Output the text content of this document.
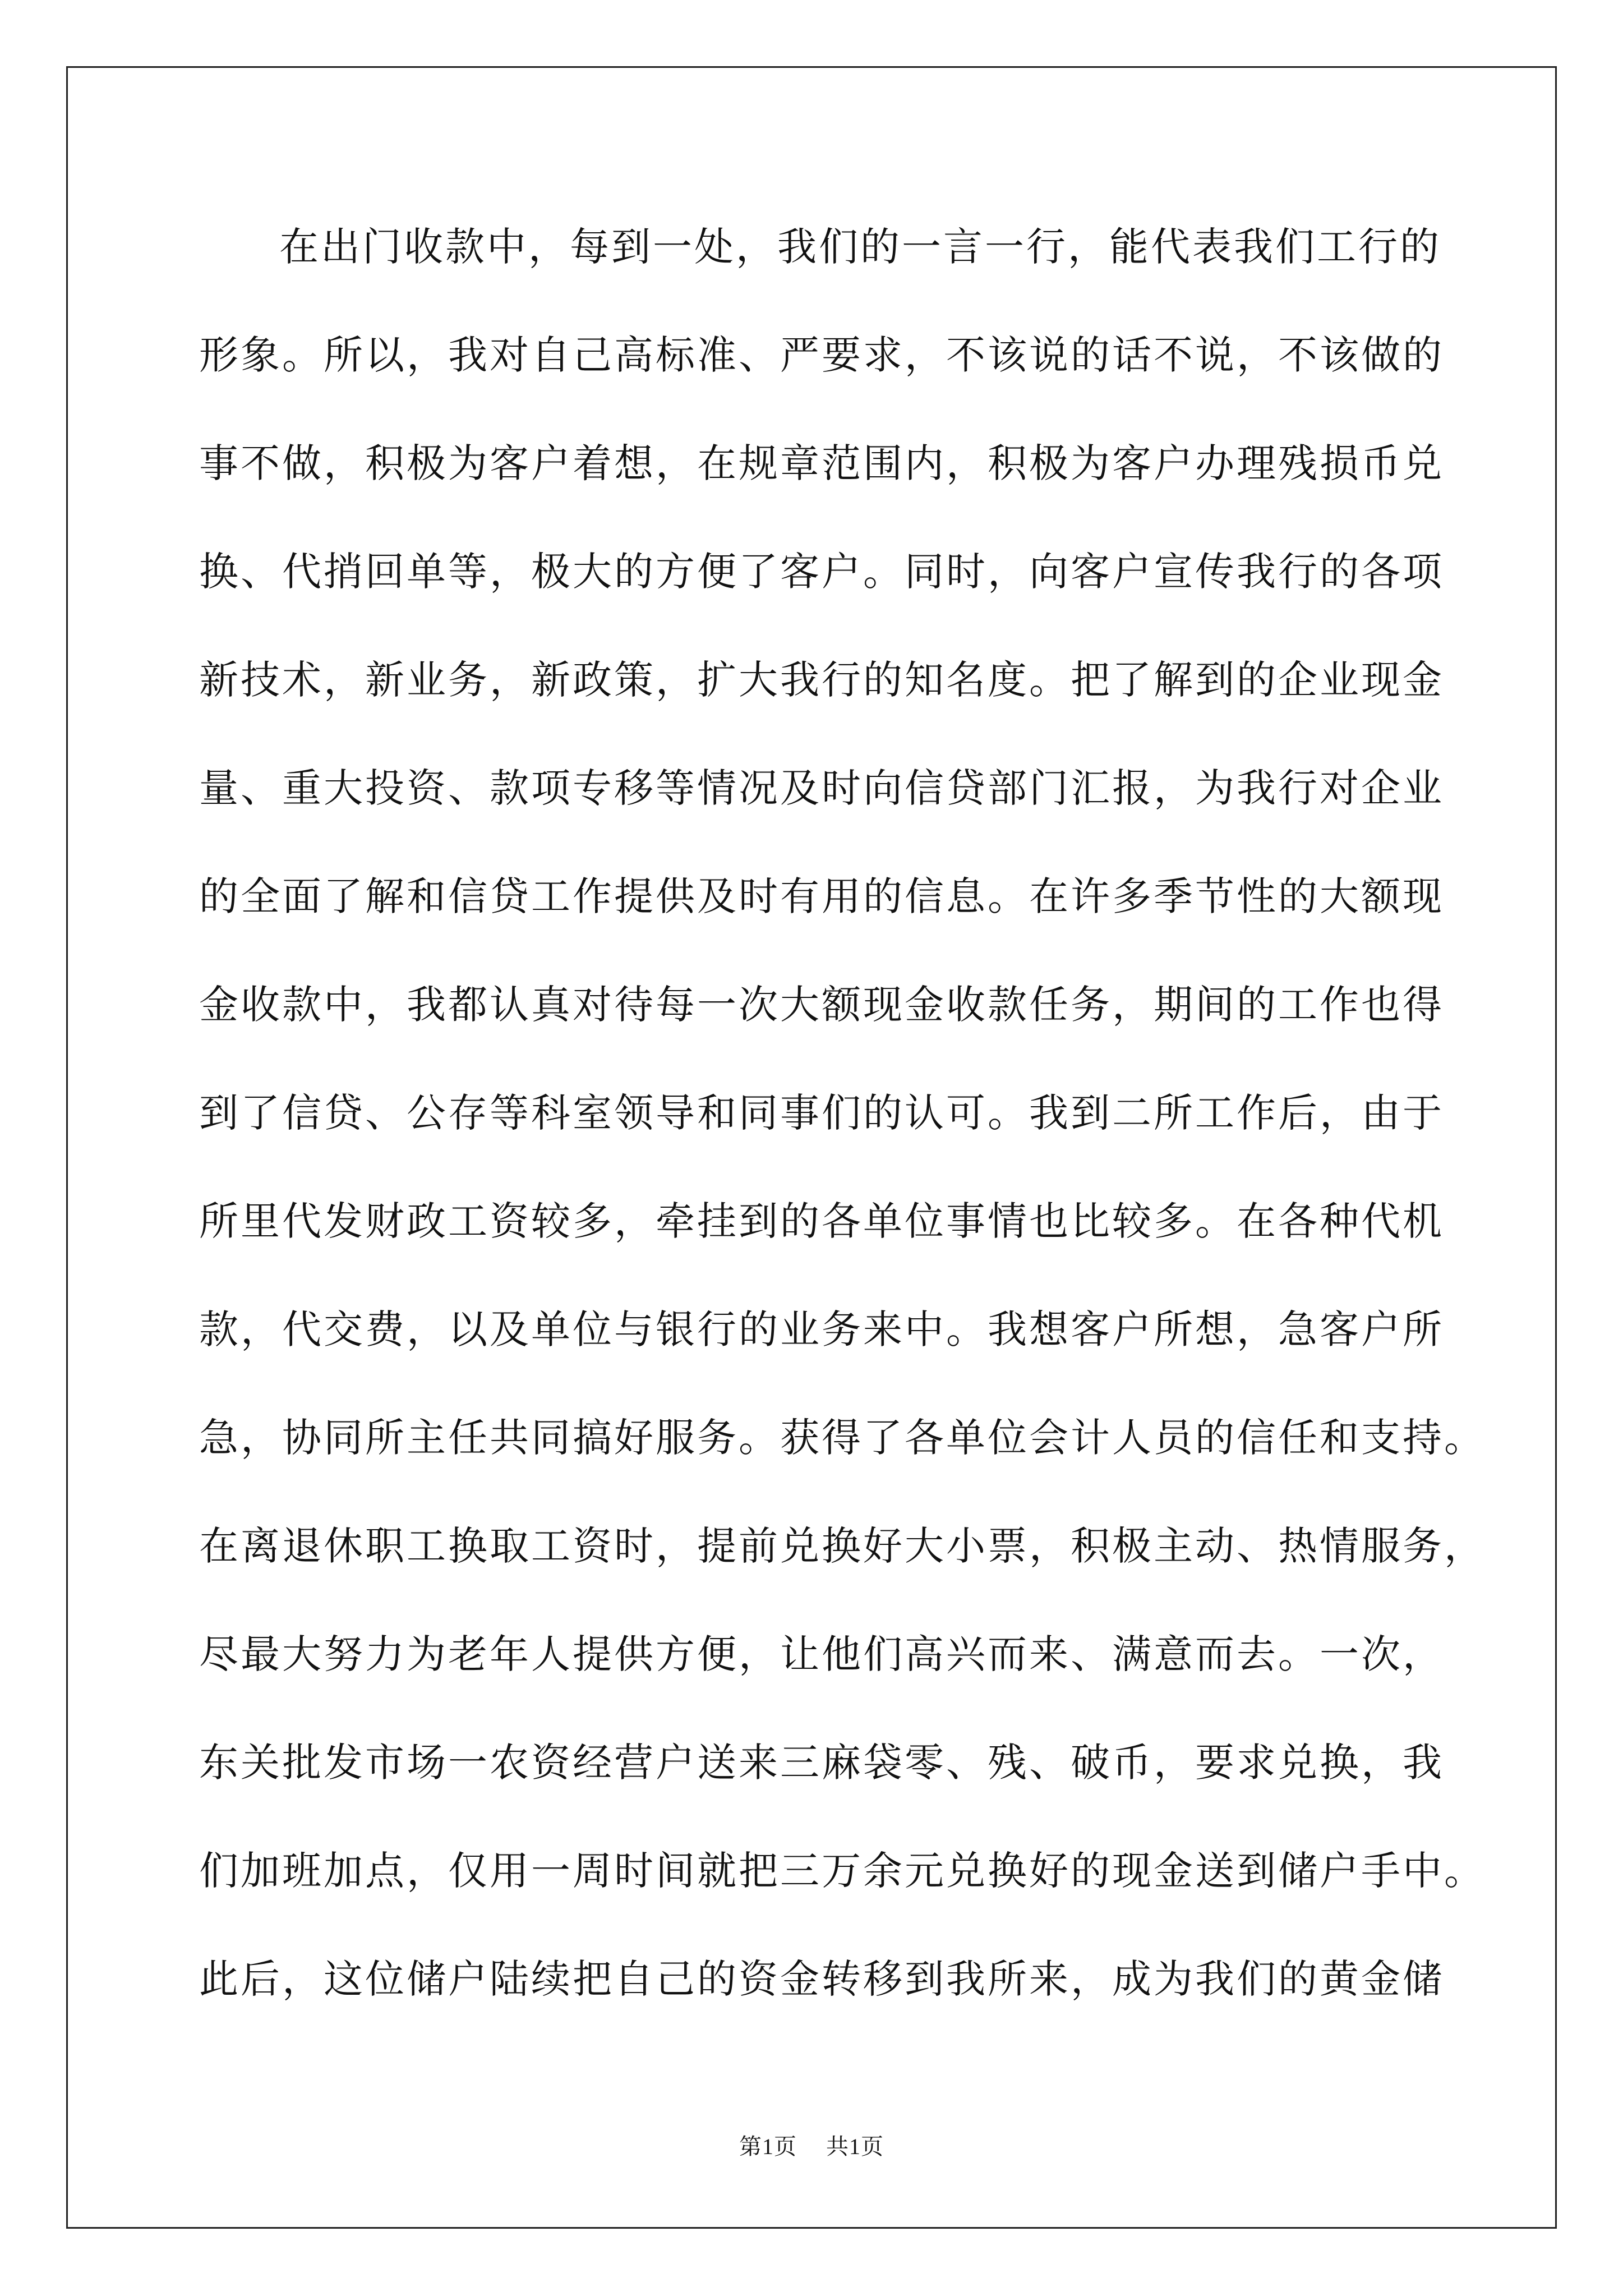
在出门收款中，每到一处，我们的一言一行，能代表我们工行的
形象。所以，我对自己高标准、严要求，不该说的话不说，不该做的
事不做，积极为客户着想，在规章范围内，积极为客户办理残损币兑
换、代捎回单等，极大的方便了客户。同时，向客户宣传我行的各项
新技术，新业务，新政策，扩大我行的知名度。把了解到的企业现金
量、重大投资、款项专移等情况及时向信贷部门汇报，为我行对企业
的全面了解和信贷工作提供及时有用的信息。在许多季节性的大额现
金收款中，我都认真对待每一次大额现金收款任务，期间的工作也得
到了信贷、公存等科室领导和同事们的认可。我到二所工作后，由于
所里代发财政工资较多，牵挂到的各单位事情也比较多。在各种代机
款，代交费，以及单位与银行的业务来中。我想客户所想，急客户所
急，协同所主任共同搞好服务。获得了各单位会计人员的信任和支持。
在离退休职工换取工资时，提前兑换好大小票，积极主动、热情服务，
尽最大努力为老年人提供方便，让他们高兴而来、满意而去。一次，
东关批发市场一农资经营户送来三麻袋零、残、破币，要求兑换，我
们加班加点，仅用一周时间就把三万余元兑换好的现金送到储户手中。
此后，这位储户陆续把自己的资金转移到我所来，成为我们的黄金储
第1页 共1页
